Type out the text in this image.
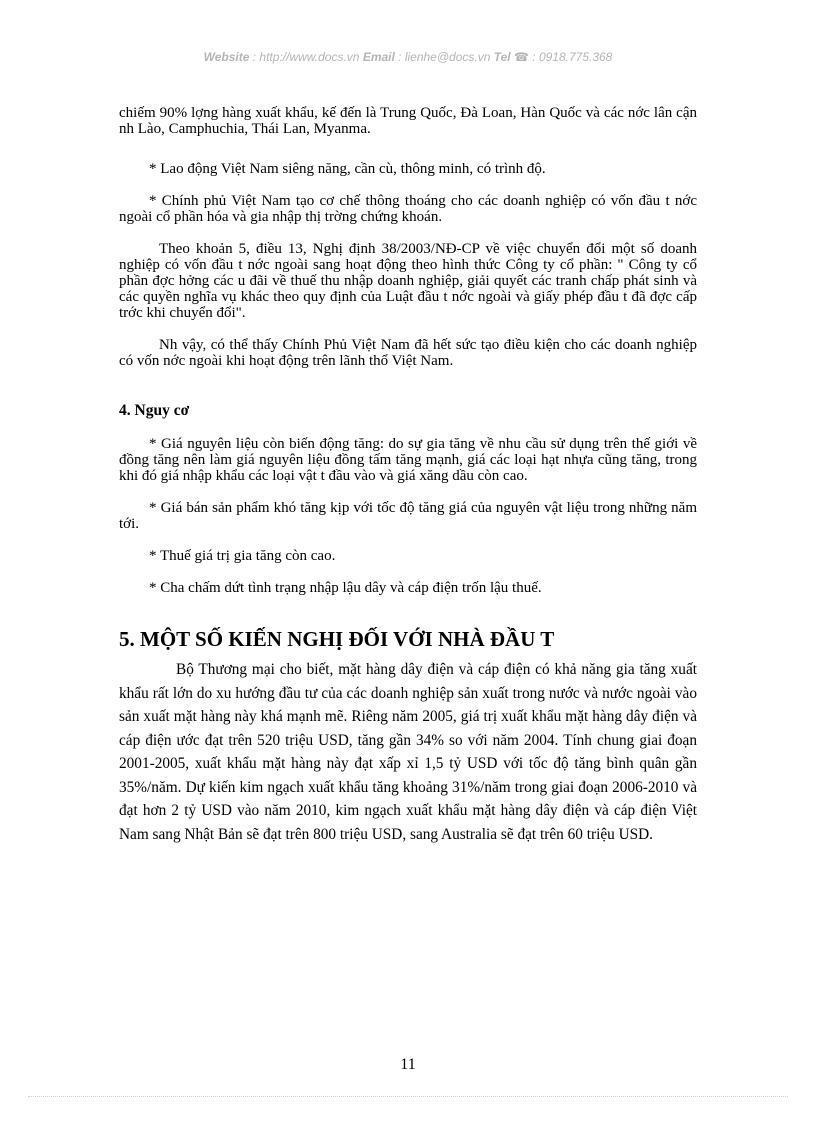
Website : http://www.docs.vn Email : lienhe@docs.vn Tel ☎ : 0918.775.368

chiếm 90% lợng hàng xuất khẩu, kế đến là Trung Quốc, Đà Loan, Hàn Quốc và các nớc lân cận nh Lào, Camphuchia, Thái Lan, Myanma.

* Lao động Việt Nam siêng năng, cần cù, thông minh, có trình độ.

* Chính phủ Việt Nam tạo cơ chế thông thoáng cho các doanh nghiệp có vốn đầu t nớc ngoài cổ phần hóa và gia nhập thị trờng chứng khoán.

Theo khoản 5, điều 13, Nghị định 38/2003/NĐ-CP về việc chuyển đổi một số doanh nghiệp có vốn đầu t nớc ngoài sang hoạt động theo hình thức Công ty cổ phần: " Công ty cổ phần đợc hởng các u đãi về thuế thu nhập doanh nghiệp, giải quyết các tranh chấp phát sinh và các quyền nghĩa vụ khác theo quy định của Luật đầu t nớc ngoài và giấy phép đầu t đã đợc cấp trớc khi chuyển đổi".

Nh vậy, có thể thấy Chính Phủ Việt Nam đã hết sức tạo điều kiện cho các doanh nghiệp có vốn nớc ngoài khi hoạt động trên lãnh thổ Việt Nam.

4. Nguy cơ

* Giá nguyên liệu còn biến động tăng: do sự gia tăng về nhu cầu sử dụng trên thế giới về đồng tăng nên làm giá nguyên liệu đồng tấm tăng mạnh, giá các loại hạt nhựa cũng tăng, trong khi đó giá nhập khẩu các loại vật t đầu vào và giá xăng dầu còn cao.

* Giá bán sản phẩm khó tăng kịp với tốc độ tăng giá của nguyên vật liệu trong những năm tới.

* Thuế giá trị gia tăng còn cao.

* Cha chấm dứt tình trạng nhập lậu dây và cáp điện trốn lậu thuế.

5. MỘT SỐ KIẾN NGHỊ ĐỐI VỚI NHÀ ĐẦU T

Bộ Thương mại cho biết, mặt hàng dây điện và cáp điện có khả năng gia tăng xuất khẩu rất lớn do xu hướng đầu tư của các doanh nghiệp sản xuất trong nước và nước ngoài vào sản xuất mặt hàng này khá mạnh mẽ. Riêng năm 2005, giá trị xuất khẩu mặt hàng dây điện và cáp điện ước đạt trên 520 triệu USD, tăng gần 34% so với năm 2004. Tính chung giai đoạn 2001-2005, xuất khẩu mặt hàng này đạt xấp xỉ 1,5 tỷ USD với tốc độ tăng bình quân gần 35%/năm. Dự kiến kim ngạch xuất khẩu tăng khoảng 31%/năm trong giai đoạn 2006-2010 và đạt hơn 2 tỷ USD vào năm 2010, kim ngạch xuất khẩu mặt hàng dây điện và cáp điện Việt Nam sang Nhật Bản sẽ đạt trên 800 triệu USD, sang Australia sẽ đạt trên 60 triệu USD.

11
